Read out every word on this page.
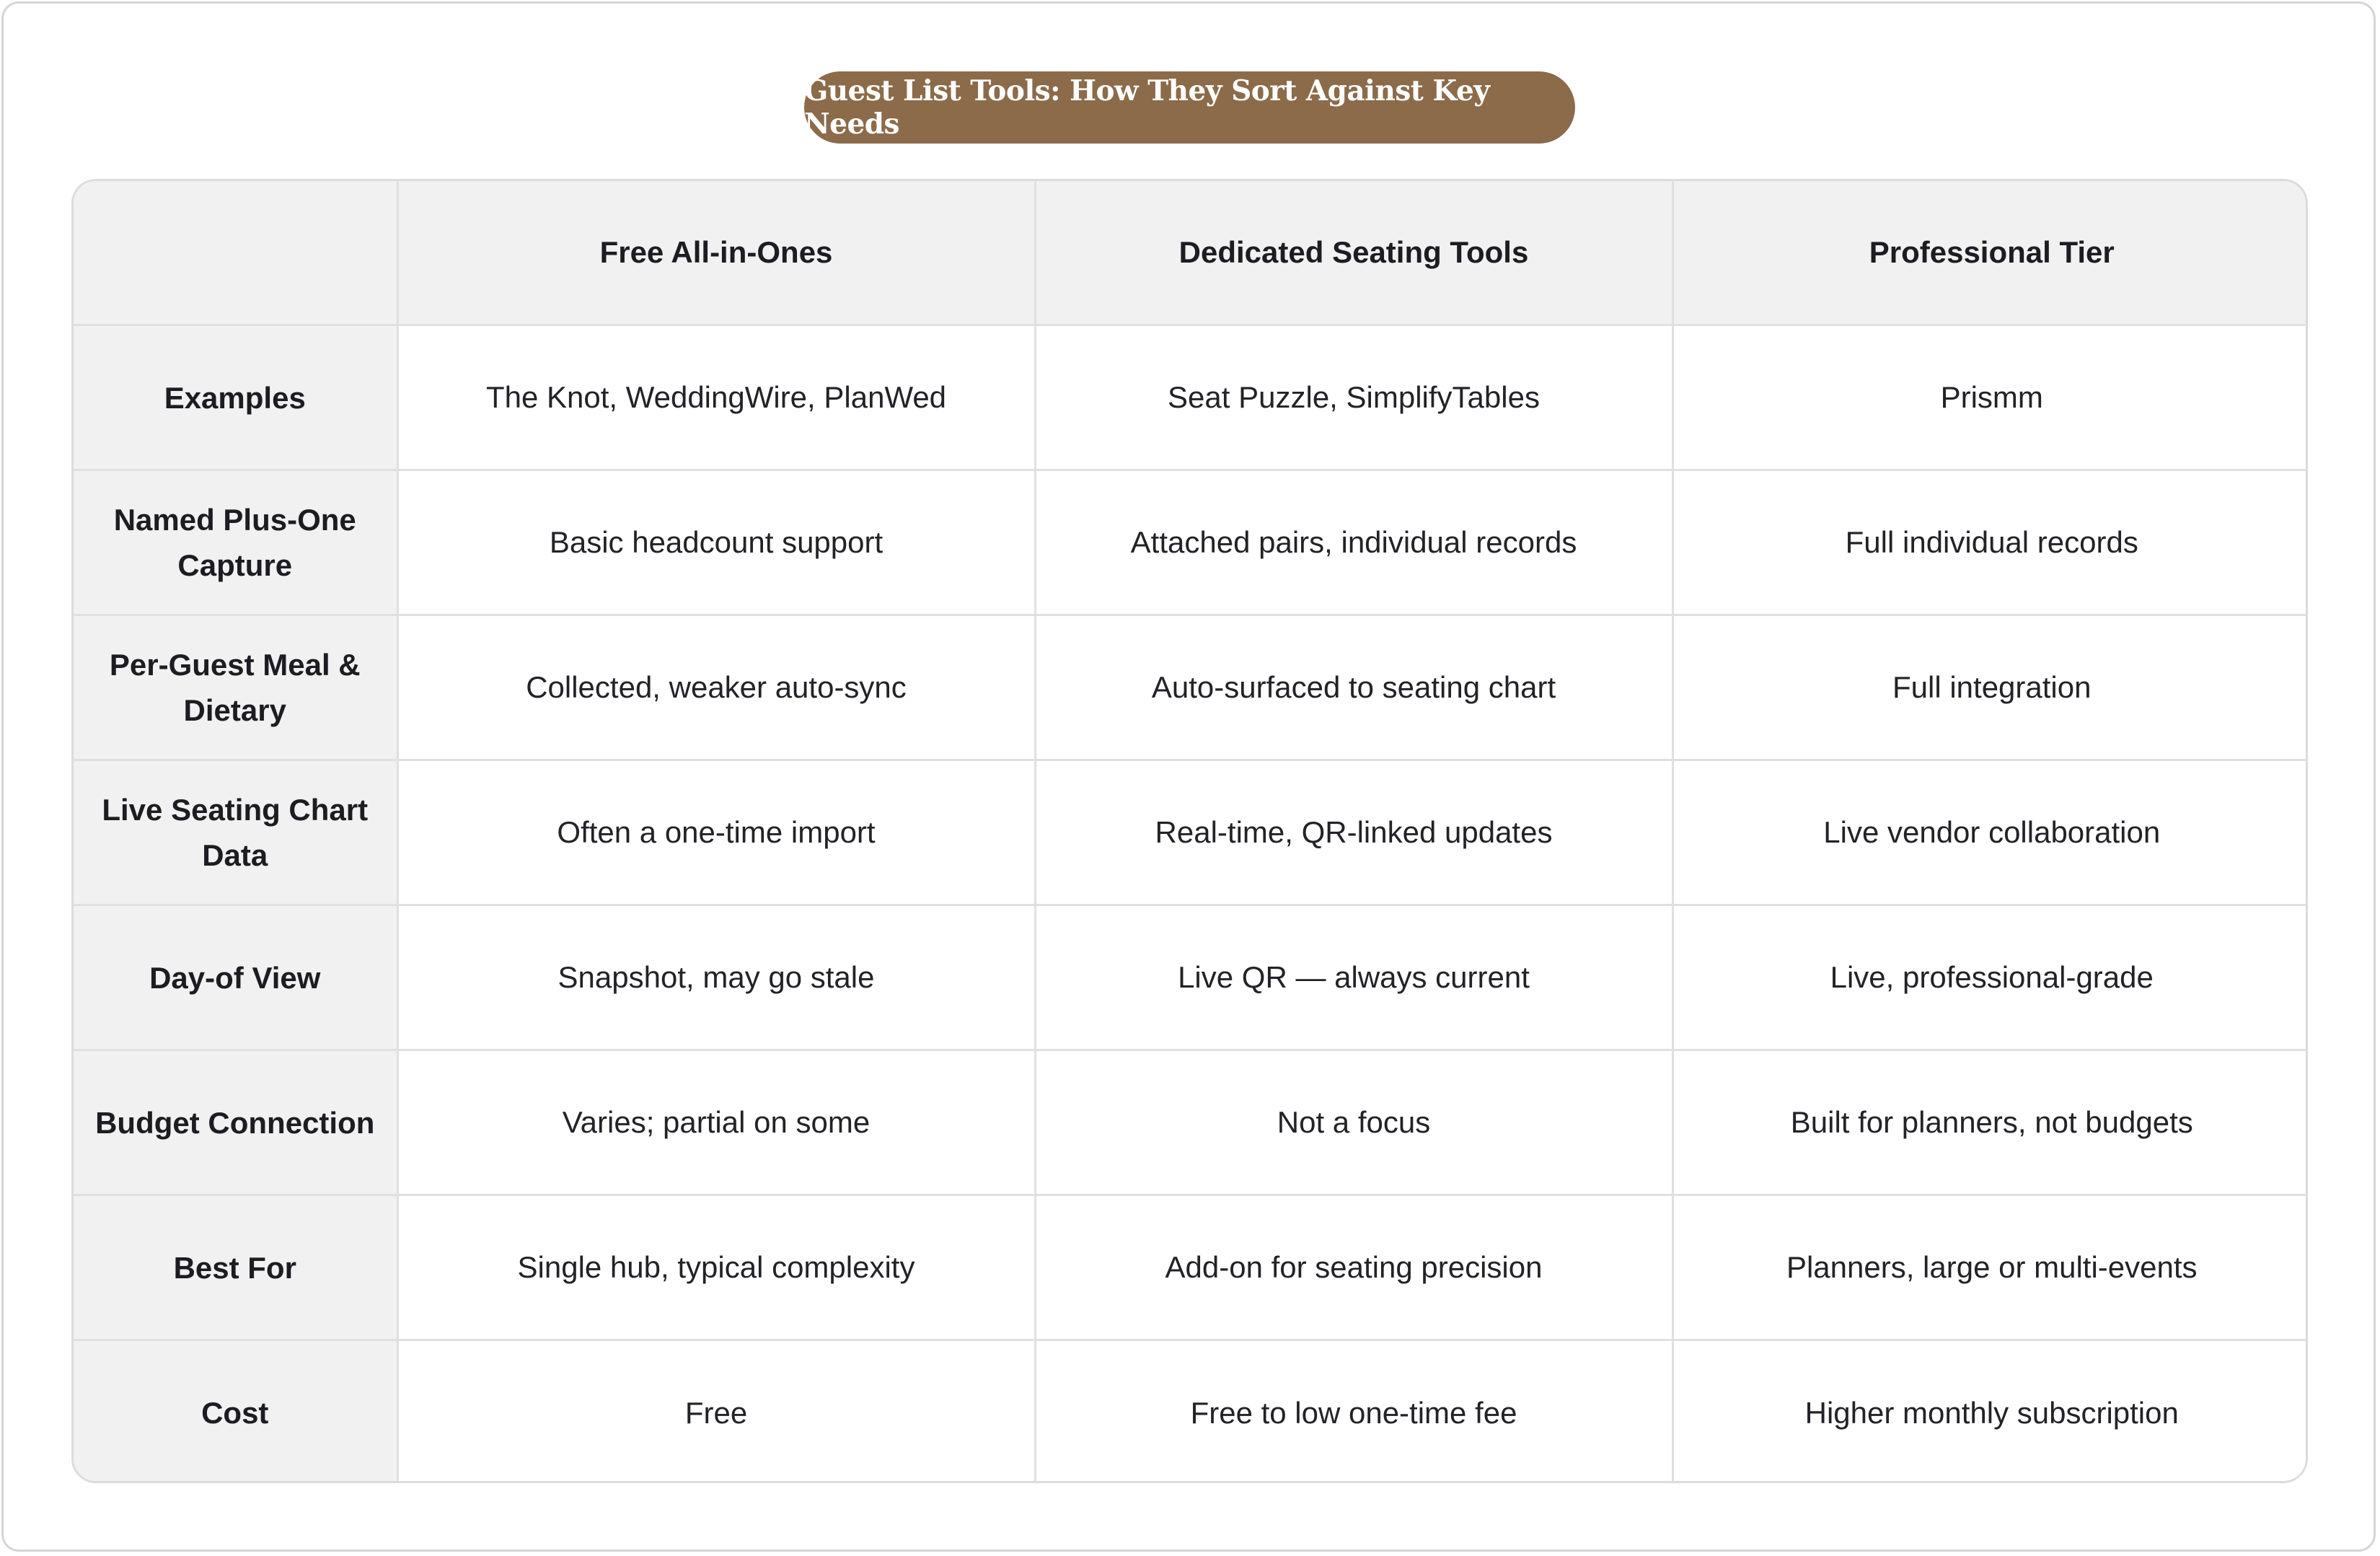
Guest List Tools: How They Sort Against Key Needs
	Free All-in-Ones	Dedicated Seating Tools	Professional Tier
Examples	The Knot, WeddingWire, PlanWed	Seat Puzzle, SimplifyTables	Prismm
Named Plus-One Capture	Basic headcount support	Attached pairs, individual records	Full individual records
Per-Guest Meal & Dietary	Collected, weaker auto-sync	Auto-surfaced to seating chart	Full integration
Live Seating Chart Data	Often a one-time import	Real-time, QR-linked updates	Live vendor collaboration
Day-of View	Snapshot, may go stale	Live QR — always current	Live, professional-grade
Budget Connection	Varies; partial on some	Not a focus	Built for planners, not budgets
Best For	Single hub, typical complexity	Add-on for seating precision	Planners, large or multi-events
Cost	Free	Free to low one-time fee	Higher monthly subscription
